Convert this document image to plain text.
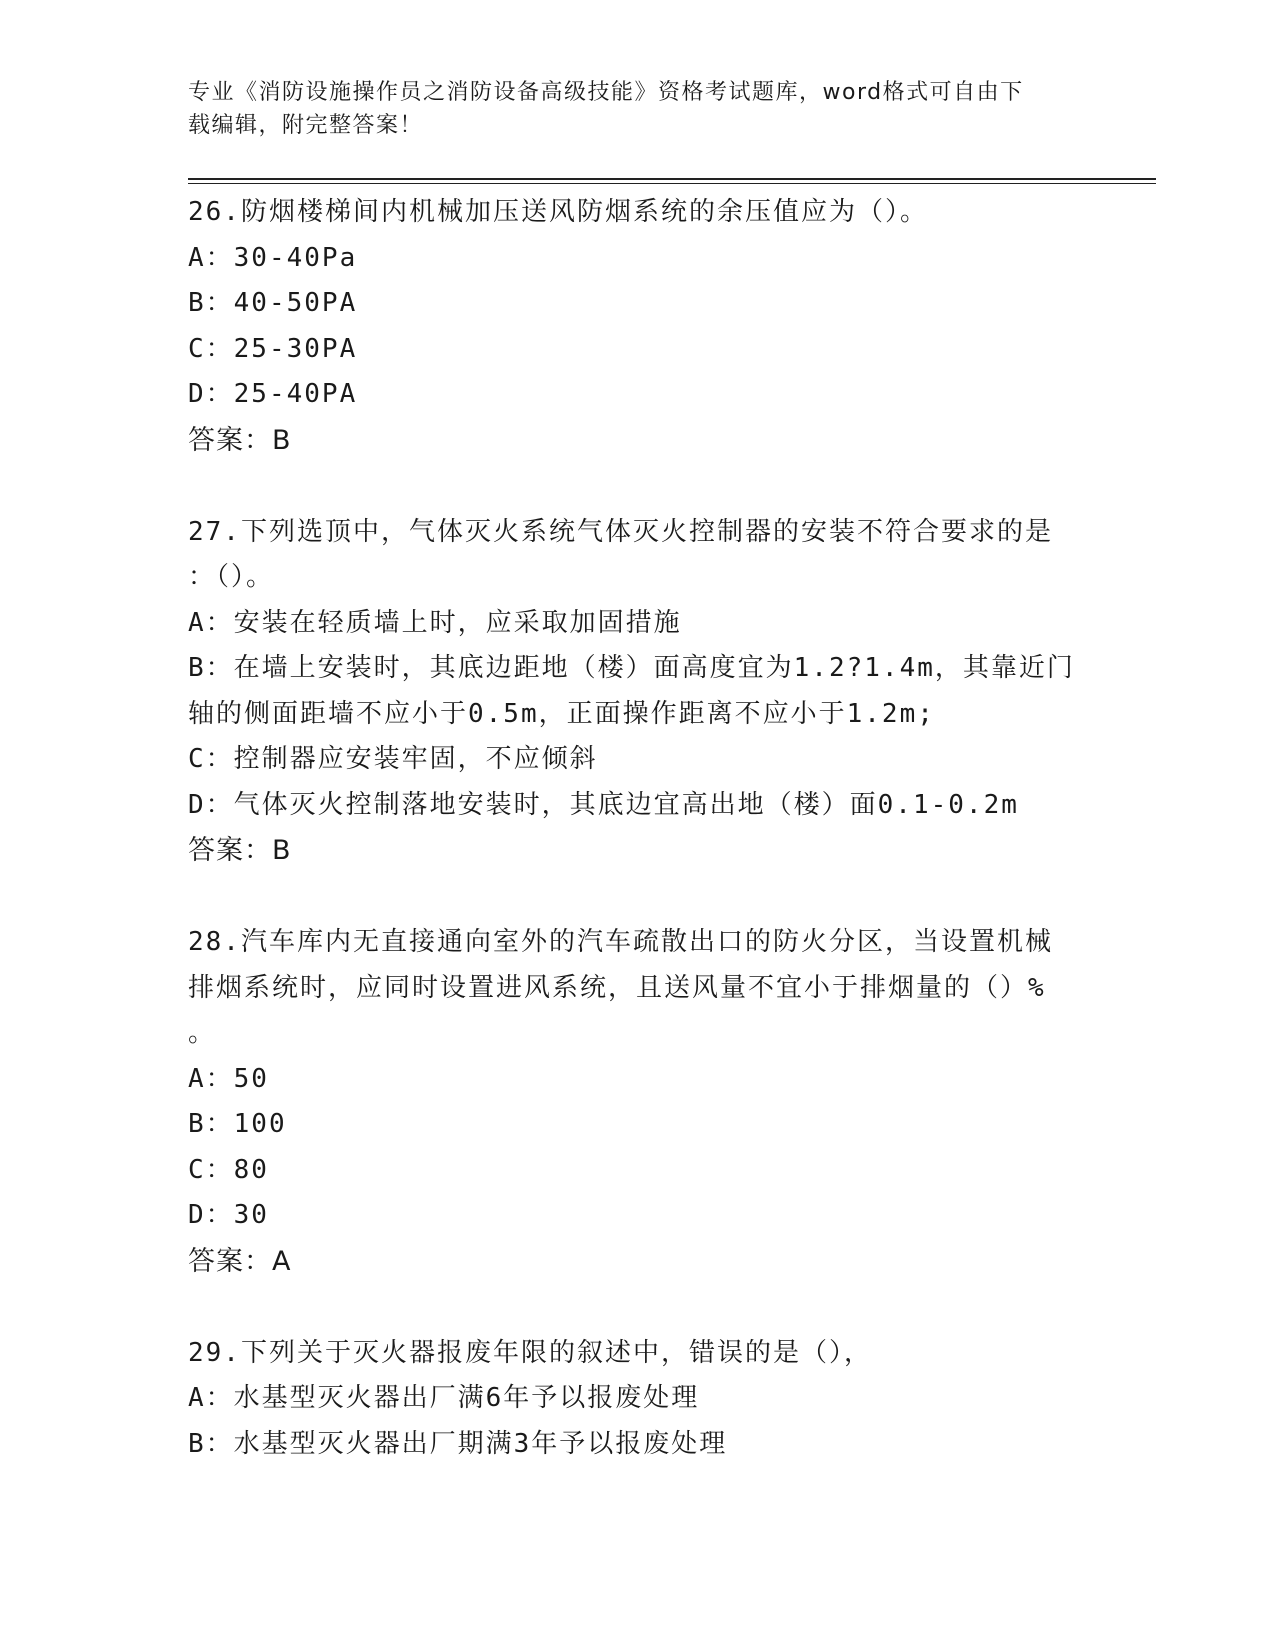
专业《消防设施操作员之消防设备高级技能》资格考试题库，word格式可自由下
载编辑，附完整答案！
26.防烟楼梯间内机械加压送风防烟系统的余压值应为（）。
A：30-40Pa
B：40-50PA
C：25-30PA
D：25-40PA
答案：B
27.下列选顶中，气体灭火系统气体灭火控制器的安装不符合要求的是
：（）。
A：安装在轻质墙上时，应采取加固措施
B：在墙上安装时，其底边距地（楼）面高度宜为1.2?1.4m，其靠近门
轴的侧面距墙不应小于0.5m，正面操作距离不应小于1.2m;
C：控制器应安装牢固，不应倾斜
D：气体灭火控制落地安装时，其底边宜高出地（楼）面0.1-0.2m
答案：B
28.汽车库内无直接通向室外的汽车疏散出口的防火分区，当设置机械
排烟系统时，应同时设置进风系统，且送风量不宜小于排烟量的（）%
。
A：50
B：100
C：80
D：30
答案：A
29.下列关于灭火器报废年限的叙述中，错误的是（），
A：水基型灭火器出厂满6年予以报废处理
B：水基型灭火器出厂期满3年予以报废处理
